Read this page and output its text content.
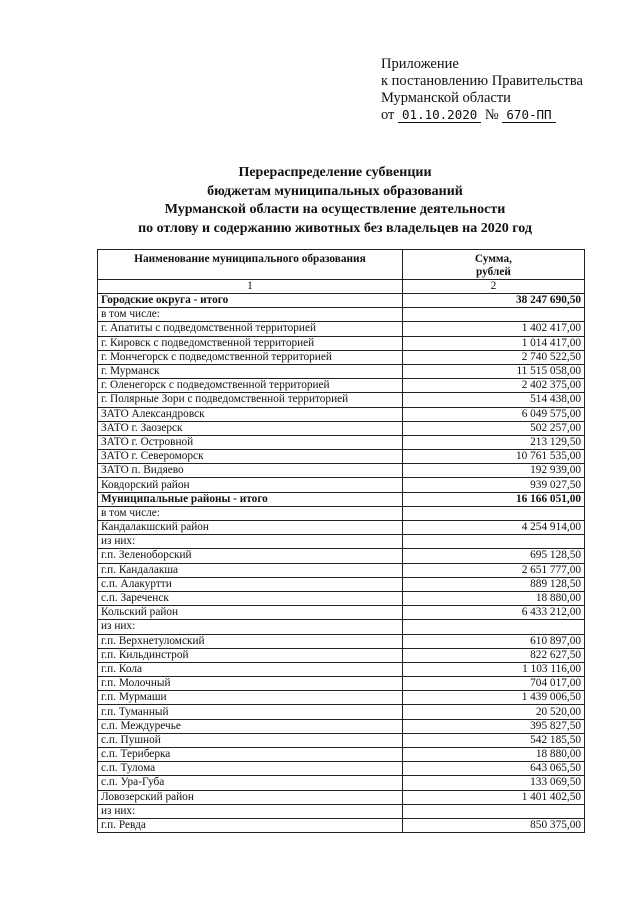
Приложение
к постановлению Правительства
Мурманской области
от 01.10.2020 № 670-ПП
Перераспределение субвенции
бюджетам муниципальных образований
Мурманской области на осуществление деятельности
по отлову и содержанию животных без владельцев на 2020 год
Наименование муниципального образования	Сумма,
рублей
1	2
Городские округа - итого	38 247 690,50
в том числе:	
г. Апатиты с подведомственной территорией	1 402 417,00
г. Кировск с подведомственной территорией	1 014 417,00
г. Мончегорск с подведомственной территорией	2 740 522,50
г. Мурманск	11 515 058,00
г. Оленегорск с подведомственной территорией	2 402 375,00
г. Полярные Зори с подведомственной территорией	514 438,00
ЗАТО Александровск	6 049 575,00
ЗАТО г. Заозерск	502 257,00
ЗАТО г. Островной	213 129,50
ЗАТО г. Североморск	10 761 535,00
ЗАТО п. Видяево	192 939,00
Ковдорский район	939 027,50
Муниципальные районы - итого	16 166 051,00
в том числе:	
Кандалакшский район	4 254 914,00
из них:	
г.п. Зеленоборский	695 128,50
г.п. Кандалакша	2 651 777,00
с.п. Алакуртти	889 128,50
с.п. Зареченск	18 880,00
Кольский район	6 433 212,00
из них:	
г.п. Верхнетуломский	610 897,00
г.п. Кильдинстрой	822 627,50
г.п. Кола	1 103 116,00
г.п. Молочный	704 017,00
г.п. Мурмаши	1 439 006,50
г.п. Туманный	20 520,00
с.п. Междуречье	395 827,50
с.п. Пушной	542 185,50
с.п. Териберка	18 880,00
с.п. Тулома	643 065,50
с.п. Ура-Губа	133 069,50
Ловозерский район	1 401 402,50
из них:	
г.п. Ревда	850 375,00
